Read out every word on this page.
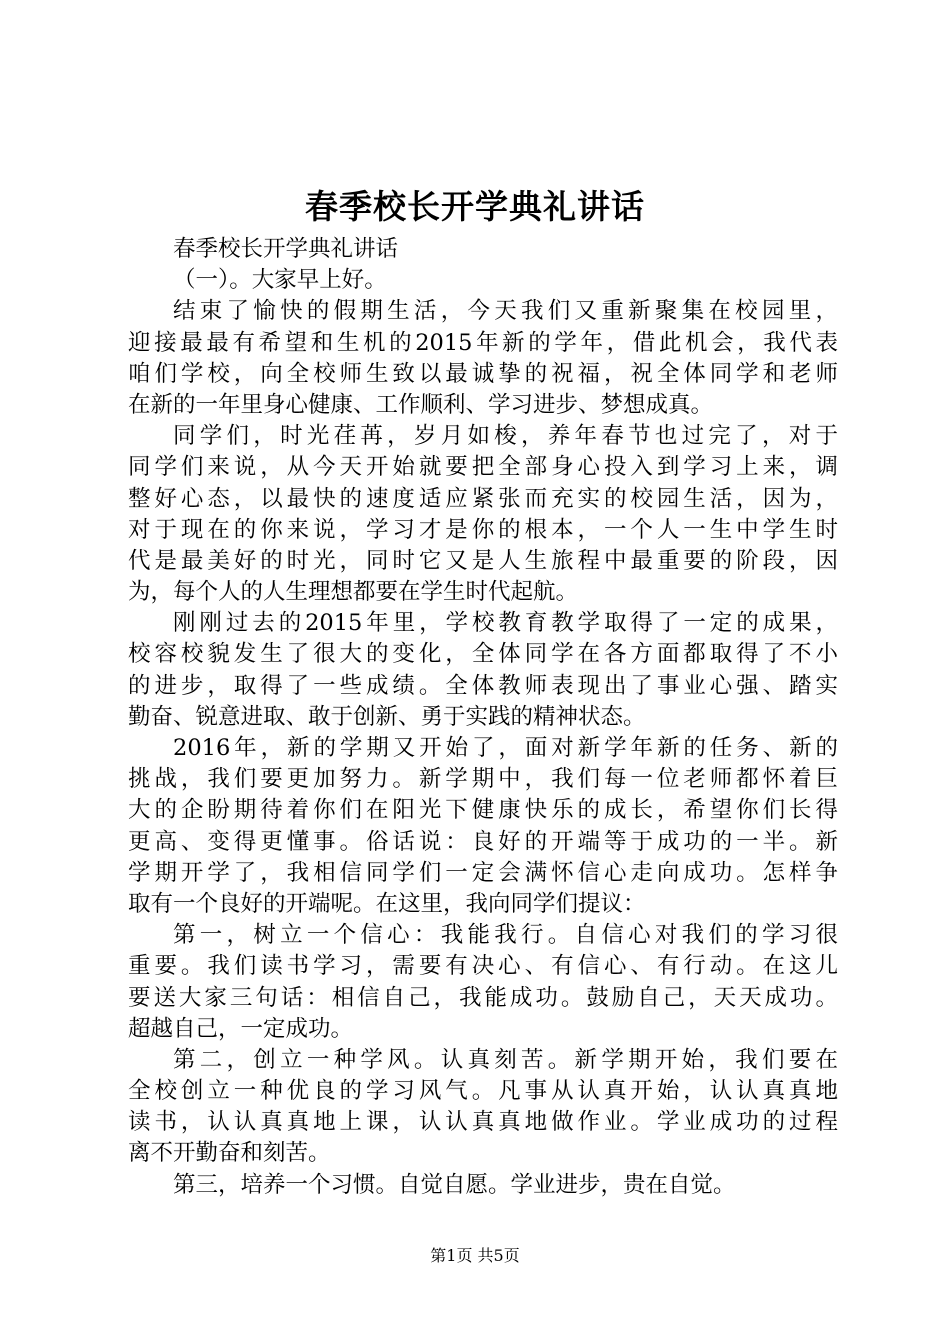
春季校长开学典礼讲话
春季校长开学典礼讲话
（一）。大家早上好。
结束了愉快的假期生活，今天我们又重新聚集在校园里，
迎接最最有希望和生机的2015年新的学年，借此机会，我代表
咱们学校，向全校师生致以最诚挚的祝福，祝全体同学和老师
在新的一年里身心健康、工作顺利、学习进步、梦想成真。
同学们，时光荏苒，岁月如梭，养年春节也过完了，对于
同学们来说，从今天开始就要把全部身心投入到学习上来，调
整好心态，以最快的速度适应紧张而充实的校园生活，因为，
对于现在的你来说，学习才是你的根本，一个人一生中学生时
代是最美好的时光，同时它又是人生旅程中最重要的阶段，因
为，每个人的人生理想都要在学生时代起航。
刚刚过去的2015年里，学校教育教学取得了一定的成果，
校容校貌发生了很大的变化，全体同学在各方面都取得了不小
的进步，取得了一些成绩。全体教师表现出了事业心强、踏实
勤奋、锐意进取、敢于创新、勇于实践的精神状态。
2016年，新的学期又开始了，面对新学年新的任务、新的
挑战，我们要更加努力。新学期中，我们每一位老师都怀着巨
大的企盼期待着你们在阳光下健康快乐的成长，希望你们长得
更高、变得更懂事。俗话说：良好的开端等于成功的一半。新
学期开学了，我相信同学们一定会满怀信心走向成功。怎样争
取有一个良好的开端呢。在这里，我向同学们提议：
第一，树立一个信心：我能我行。自信心对我们的学习很
重要。我们读书学习，需要有决心、有信心、有行动。在这儿
要送大家三句话：相信自己，我能成功。鼓励自己，天天成功。
超越自己，一定成功。
第二，创立一种学风。认真刻苦。新学期开始，我们要在
全校创立一种优良的学习风气。凡事从认真开始，认认真真地
读书，认认真真地上课，认认真真地做作业。学业成功的过程
离不开勤奋和刻苦。
第三，培养一个习惯。自觉自愿。学业进步，贵在自觉。
第1页 共5页
